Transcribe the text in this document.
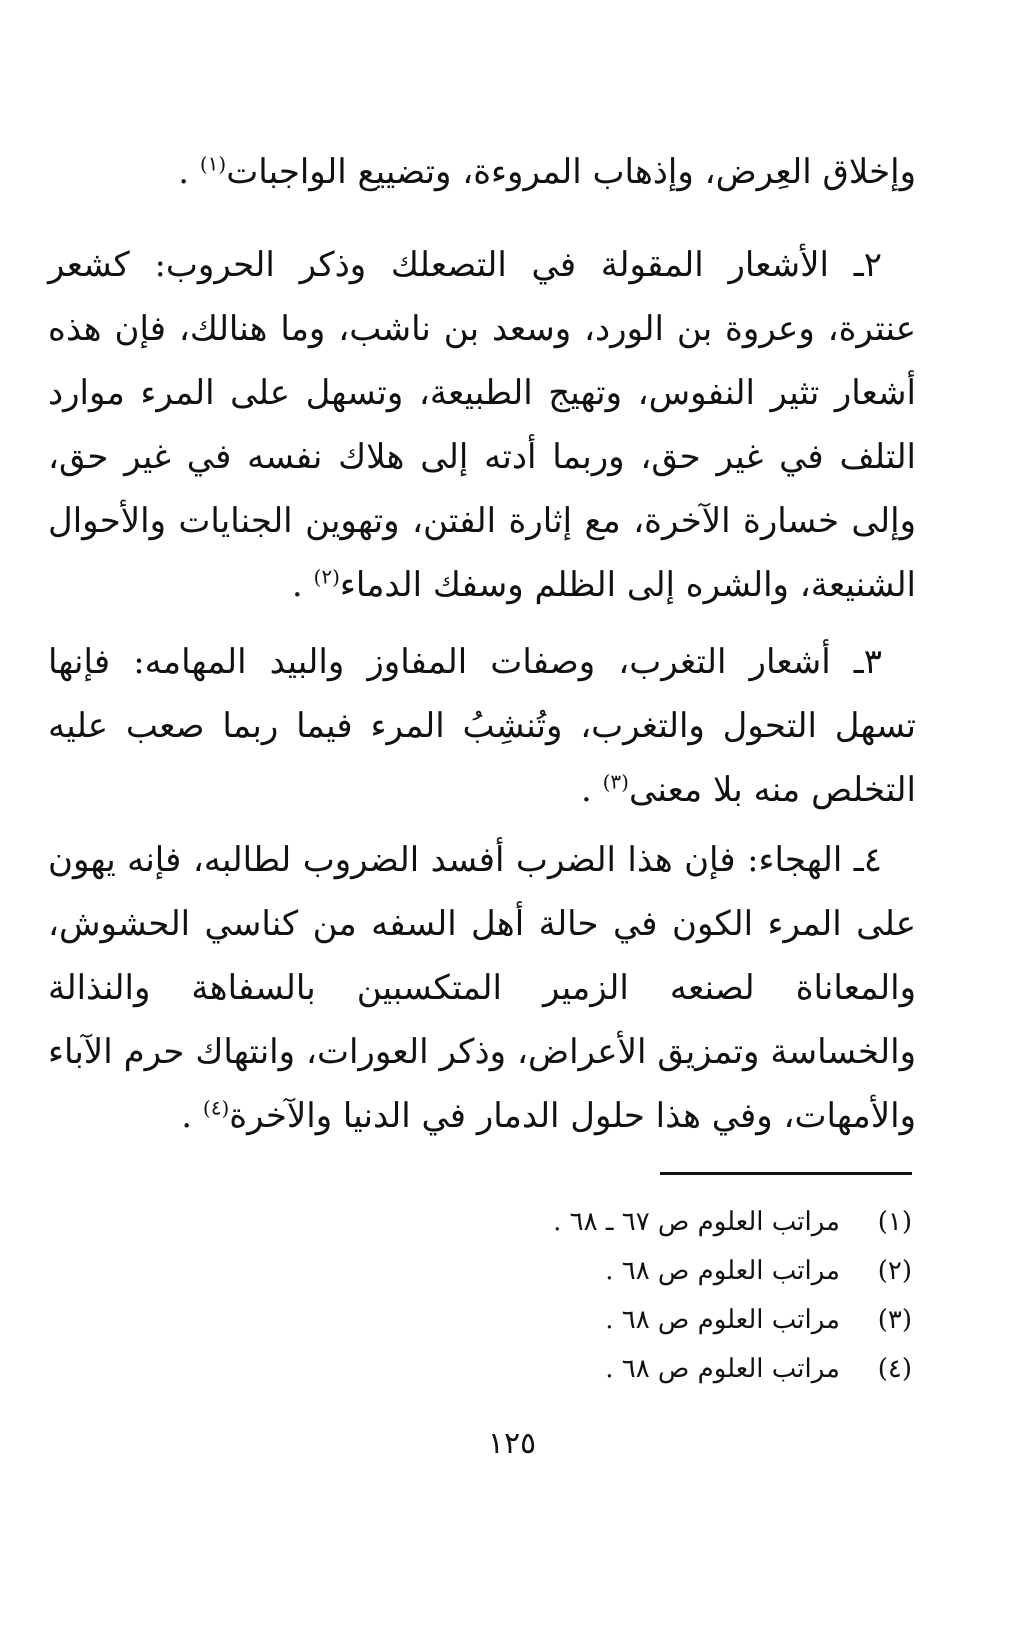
وإخلاق العِرض، وإذهاب المروءة، وتضييع الواجبات( $^١$ ) .

٢ـ الأشعار المقولة في التصعلك وذكر الحروب: كشعر عنترة، وعروة بن الورد، وسعد بن ناشب، وما هنالك، فإن هذه أشعار تثير النفوس، وتهيج الطبيعة، وتسهل على المرء موارد التلف في غير حق، وربما أدته إلى هلاك نفسه في غير حق، وإلى خسارة الآخرة، مع إثارة الفتن، وتهوين الجنايات والأحوال الشنيعة، والشره إلى الظلم وسفك الدماء( $^٢$ ) .

٣ـ أشعار التغرب، وصفات المفاوز والبيد المهامه: فإنها تسهل التحول والتغرب، وتُنشِبُ المرء فيما ربما صعب عليه التخلص منه بلا معنى( $^٣$ ) .

٤ـ الهجاء: فإن هذا الضرب أفسد الضروب لطالبه، فإنه يهون على المرء الكون في حالة أهل السفه من كناسي الحشوش، والمعاناة لصنعه الزمير المتكسبين بالسفاهة والنذالة والخساسة وتمزيق الأعراض، وذكر العورات، وانتهاك حرم الآباء والأمهات، وفي هذا حلول الدمار في الدنيا والآخرة( $^٤$ ) .

( ١ )
مراتب العلوم ص ٦٧ ـ ٦٨ .
( ٢ )
مراتب العلوم ص ٦٨ .
( ٣ )
مراتب العلوم ص ٦٨ .
( ٤ )
مراتب العلوم ص ٦٨ .
١٢٥
